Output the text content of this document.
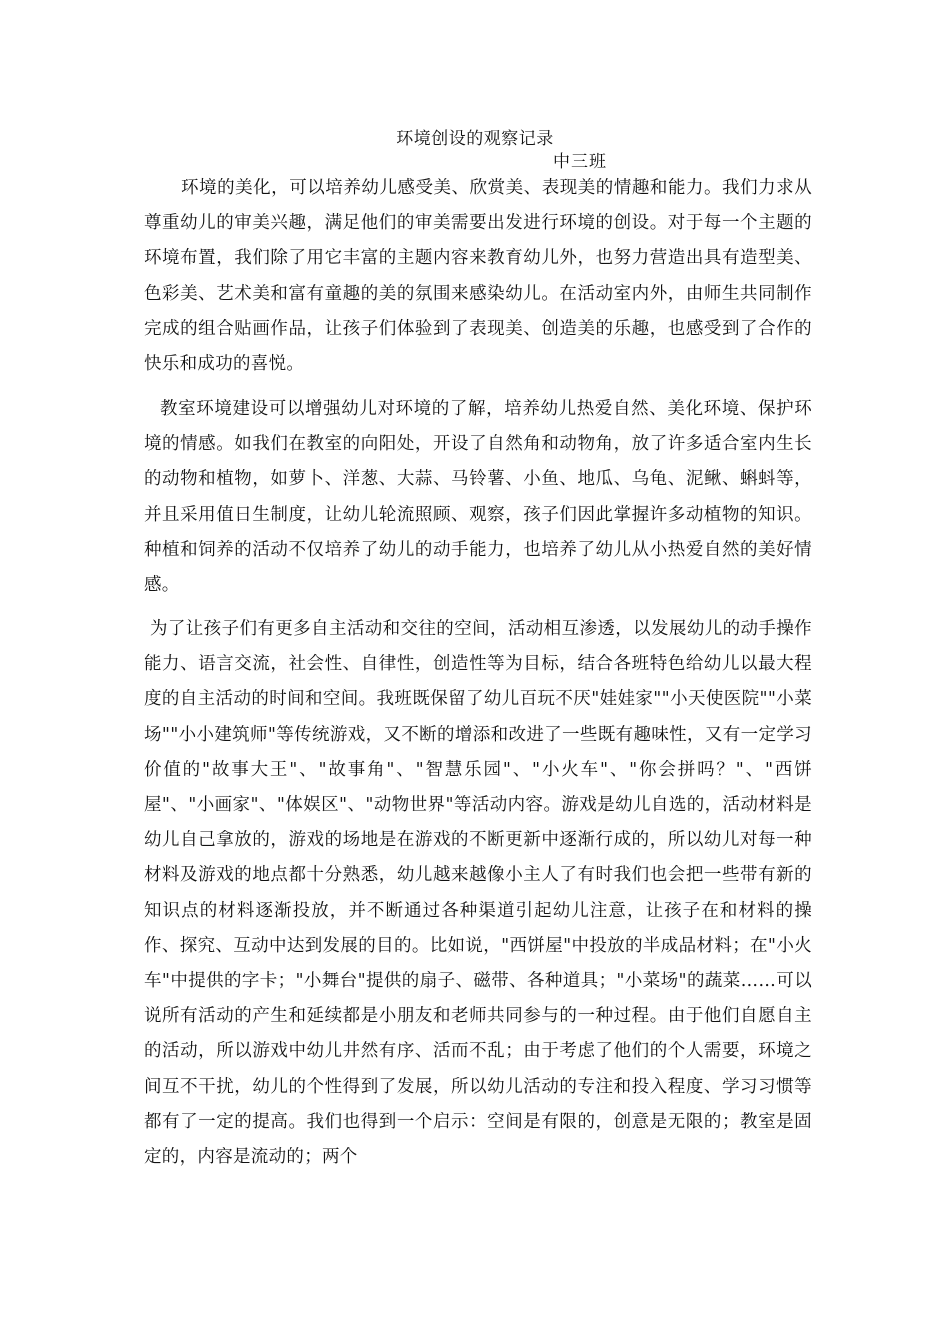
环境创设的观察记录
中三班

环境的美化，可以培养幼儿感受美、欣赏美、表现美的情趣和能力。我们力求从尊重幼儿的审美兴趣，满足他们的审美需要出发进行环境的创设。对于每一个主题的环境布置，我们除了用它丰富的主题内容来教育幼儿外，也努力营造出具有造型美、色彩美、艺术美和富有童趣的美的氛围来感染幼儿。在活动室内外，由师生共同制作完成的组合贴画作品，让孩子们体验到了表现美、创造美的乐趣，也感受到了合作的快乐和成功的喜悦。

教室环境建设可以增强幼儿对环境的了解，培养幼儿热爱自然、美化环境、保护环境的情感。如我们在教室的向阳处，开设了自然角和动物角，放了许多适合室内生长的动物和植物，如萝卜、洋葱、大蒜、马铃薯、小鱼、地瓜、乌龟、泥鳅、蝌蚪等，并且采用值日生制度，让幼儿轮流照顾、观察，孩子们因此掌握许多动植物的知识。种植和饲养的活动不仅培养了幼儿的动手能力，也培养了幼儿从小热爱自然的美好情感。

为了让孩子们有更多自主活动和交往的空间，活动相互渗透，以发展幼儿的动手操作能力、语言交流，社会性、自律性，创造性等为目标，结合各班特色给幼儿以最大程度的自主活动的时间和空间。我班既保留了幼儿百玩不厌"娃娃家""小天使医院""小菜场""小小建筑师"等传统游戏，又不断的增添和改进了一些既有趣味性，又有一定学习价值的"故事大王"、"故事角"、"智慧乐园"、"小火车"、"你会拼吗？"、"西饼屋"、"小画家"、"体娱区"、"动物世界"等活动内容。游戏是幼儿自选的，活动材料是幼儿自己拿放的，游戏的场地是在游戏的不断更新中逐渐行成的，所以幼儿对每一种材料及游戏的地点都十分熟悉，幼儿越来越像小主人了有时我们也会把一些带有新的知识点的材料逐渐投放，并不断通过各种渠道引起幼儿注意，让孩子在和材料的操作、探究、互动中达到发展的目的。比如说，"西饼屋"中投放的半成品材料；在"小火车"中提供的字卡；"小舞台"提供的扇子、磁带、各种道具；"小菜场"的蔬菜……可以说所有活动的产生和延续都是小朋友和老师共同参与的一种过程。由于他们自愿自主的活动，所以游戏中幼儿井然有序、活而不乱；由于考虑了他们的个人需要，环境之间互不干扰，幼儿的个性得到了发展，所以幼儿活动的专注和投入程度、学习习惯等都有了一定的提高。我们也得到一个启示：空间是有限的，创意是无限的；教室是固定的，内容是流动的；两个
